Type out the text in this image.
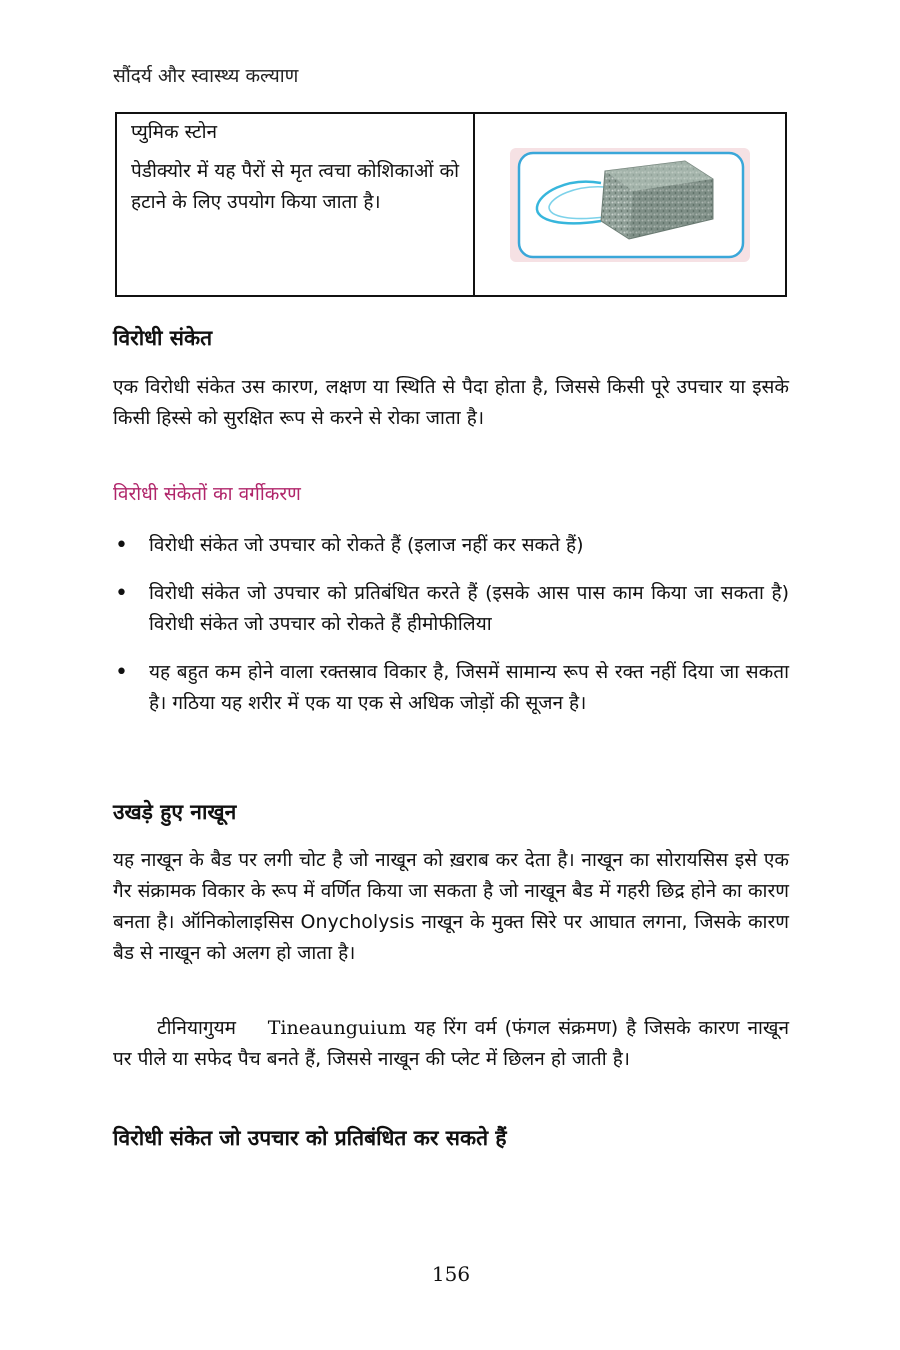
सौंदर्य और स्वास्थ्य कल्याण
प्युमिक स्टोन
पेडीक्योर में यह पैरों से मृत त्वचा कोशिकाओं को हटाने के लिए उपयोग किया जाता है।
विरोधी संकेत
एक विरोधी संकेत उस कारण, लक्षण या स्थिति से पैदा होता है, जिससे किसी पूरे उपचार या इसके किसी हिस्से को सुरक्षित रूप से करने से रोका जाता है।
विरोधी संकेतों का वर्गीकरण
• विरोधी संकेत जो उपचार को रोकते हैं (इलाज नहीं कर सकते हैं)
• विरोधी संकेत जो उपचार को प्रतिबंधित करते हैं (इसके आस पास काम किया जा सकता है) विरोधी संकेत जो उपचार को रोकते हैं हीमोफीलिया
• यह बहुत कम होने वाला रक्तस्राव विकार है, जिसमें सामान्य रूप से रक्त नहीं दिया जा सकता है। गठिया यह शरीर में एक या एक से अधिक जोड़ों की सूजन है।
उखड़े हुए नाखून
यह नाखून के बैड पर लगी चोट है जो नाखून को ख़राब कर देता है। नाखून का सोरायसिस इसे एक गैर संक्रामक विकार के रूप में वर्णित किया जा सकता है जो नाखून बैड में गहरी छिद्र होने का कारण बनता है। ऑनिकोलाइसिस Onycholysis नाखून के मुक्त सिरे पर आघात लगना, जिसके कारण बैड से नाखून को अलग हो जाता है।
टीनियागुयम Tineaunguium यह रिंग वर्म (फंगल संक्रमण) है जिसके कारण नाखून पर पीले या सफेद पैच बनते हैं, जिससे नाखून की प्लेट में छिलन हो जाती है।
विरोधी संकेत जो उपचार को प्रतिबंधित कर सकते हैं
156
